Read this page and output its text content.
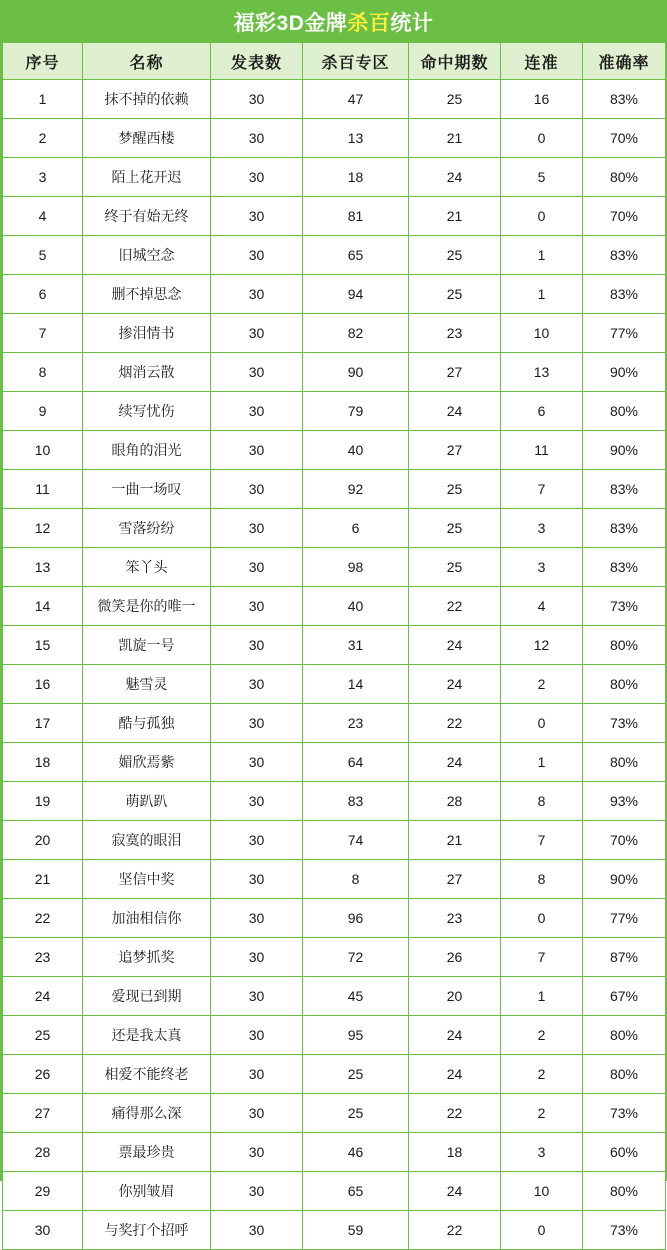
福彩3D金牌 杀百 统计
序号	名称	发表数	杀百专区	命中期数	连准	准确率
1	抹不掉的依赖	30	47	25	16	83%
2	梦醒西楼	30	13	21	0	70%
3	陌上花开迟	30	18	24	5	80%
4	终于有始无终	30	81	21	0	70%
5	旧城空念	30	65	25	1	83%
6	删不掉思念	30	94	25	1	83%
7	掺泪情书	30	82	23	10	77%
8	烟消云散	30	90	27	13	90%
9	续写忧伤	30	79	24	6	80%
10	眼角的泪光	30	40	27	11	90%
11	一曲一场叹	30	92	25	7	83%
12	雪落纷纷	30	6	25	3	83%
13	笨丫头	30	98	25	3	83%
14	微笑是你的唯一	30	40	22	4	73%
15	凯旋一号	30	31	24	12	80%
16	魅雪灵	30	14	24	2	80%
17	酷与孤独	30	23	22	0	73%
18	媚欣焉紫	30	64	24	1	80%
19	萌趴趴	30	83	28	8	93%
20	寂寞的眼泪	30	74	21	7	70%
21	坚信中奖	30	8	27	8	90%
22	加油相信你	30	96	23	0	77%
23	追梦抓奖	30	72	26	7	87%
24	爱现已到期	30	45	20	1	67%
25	还是我太真	30	95	24	2	80%
26	相爱不能终老	30	25	24	2	80%
27	痛得那么深	30	25	22	2	73%
28	票最珍贵	30	46	18	3	60%
29	你别皱眉	30	65	24	10	80%
30	与奖打个招呼	30	59	22	0	73%
